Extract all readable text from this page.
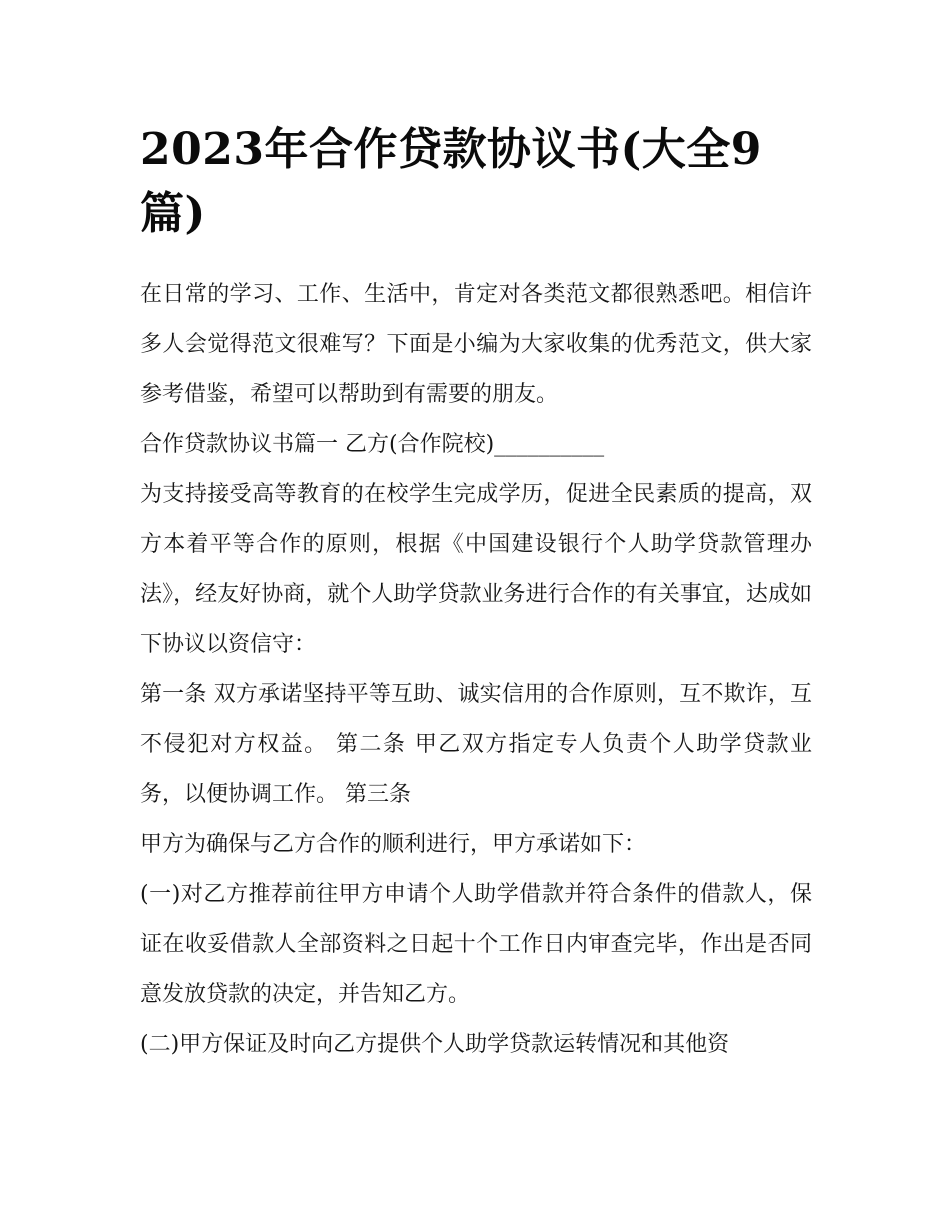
2023年合作贷款协议书(大全9
篇)

在日常的学习、工作、生活中，肯定对各类范文都很熟悉吧。相信许多人会觉得范文很难写？下面是小编为大家收集的优秀范文，供大家参考借鉴，希望可以帮助到有需要的朋友。

合作贷款协议书篇一 乙方(合作院校)__________

为支持接受高等教育的在校学生完成学历，促进全民素质的提高，双方本着平等合作的原则，根据《中国建设银行个人助学贷款管理办法》，经友好协商，就个人助学贷款业务进行合作的有关事宜，达成如下协议以资信守：

第一条 双方承诺坚持平等互助、诚实信用的合作原则，互不欺诈，互不侵犯对方权益。 第二条 甲乙双方指定专人负责个人助学贷款业务，以便协调工作。 第三条

甲方为确保与乙方合作的顺利进行，甲方承诺如下：

(一)对乙方推荐前往甲方申请个人助学借款并符合条件的借款人，保证在收妥借款人全部资料之日起十个工作日内审查完毕，作出是否同意发放贷款的决定，并告知乙方。

(二)甲方保证及时向乙方提供个人助学贷款运转情况和其他资
